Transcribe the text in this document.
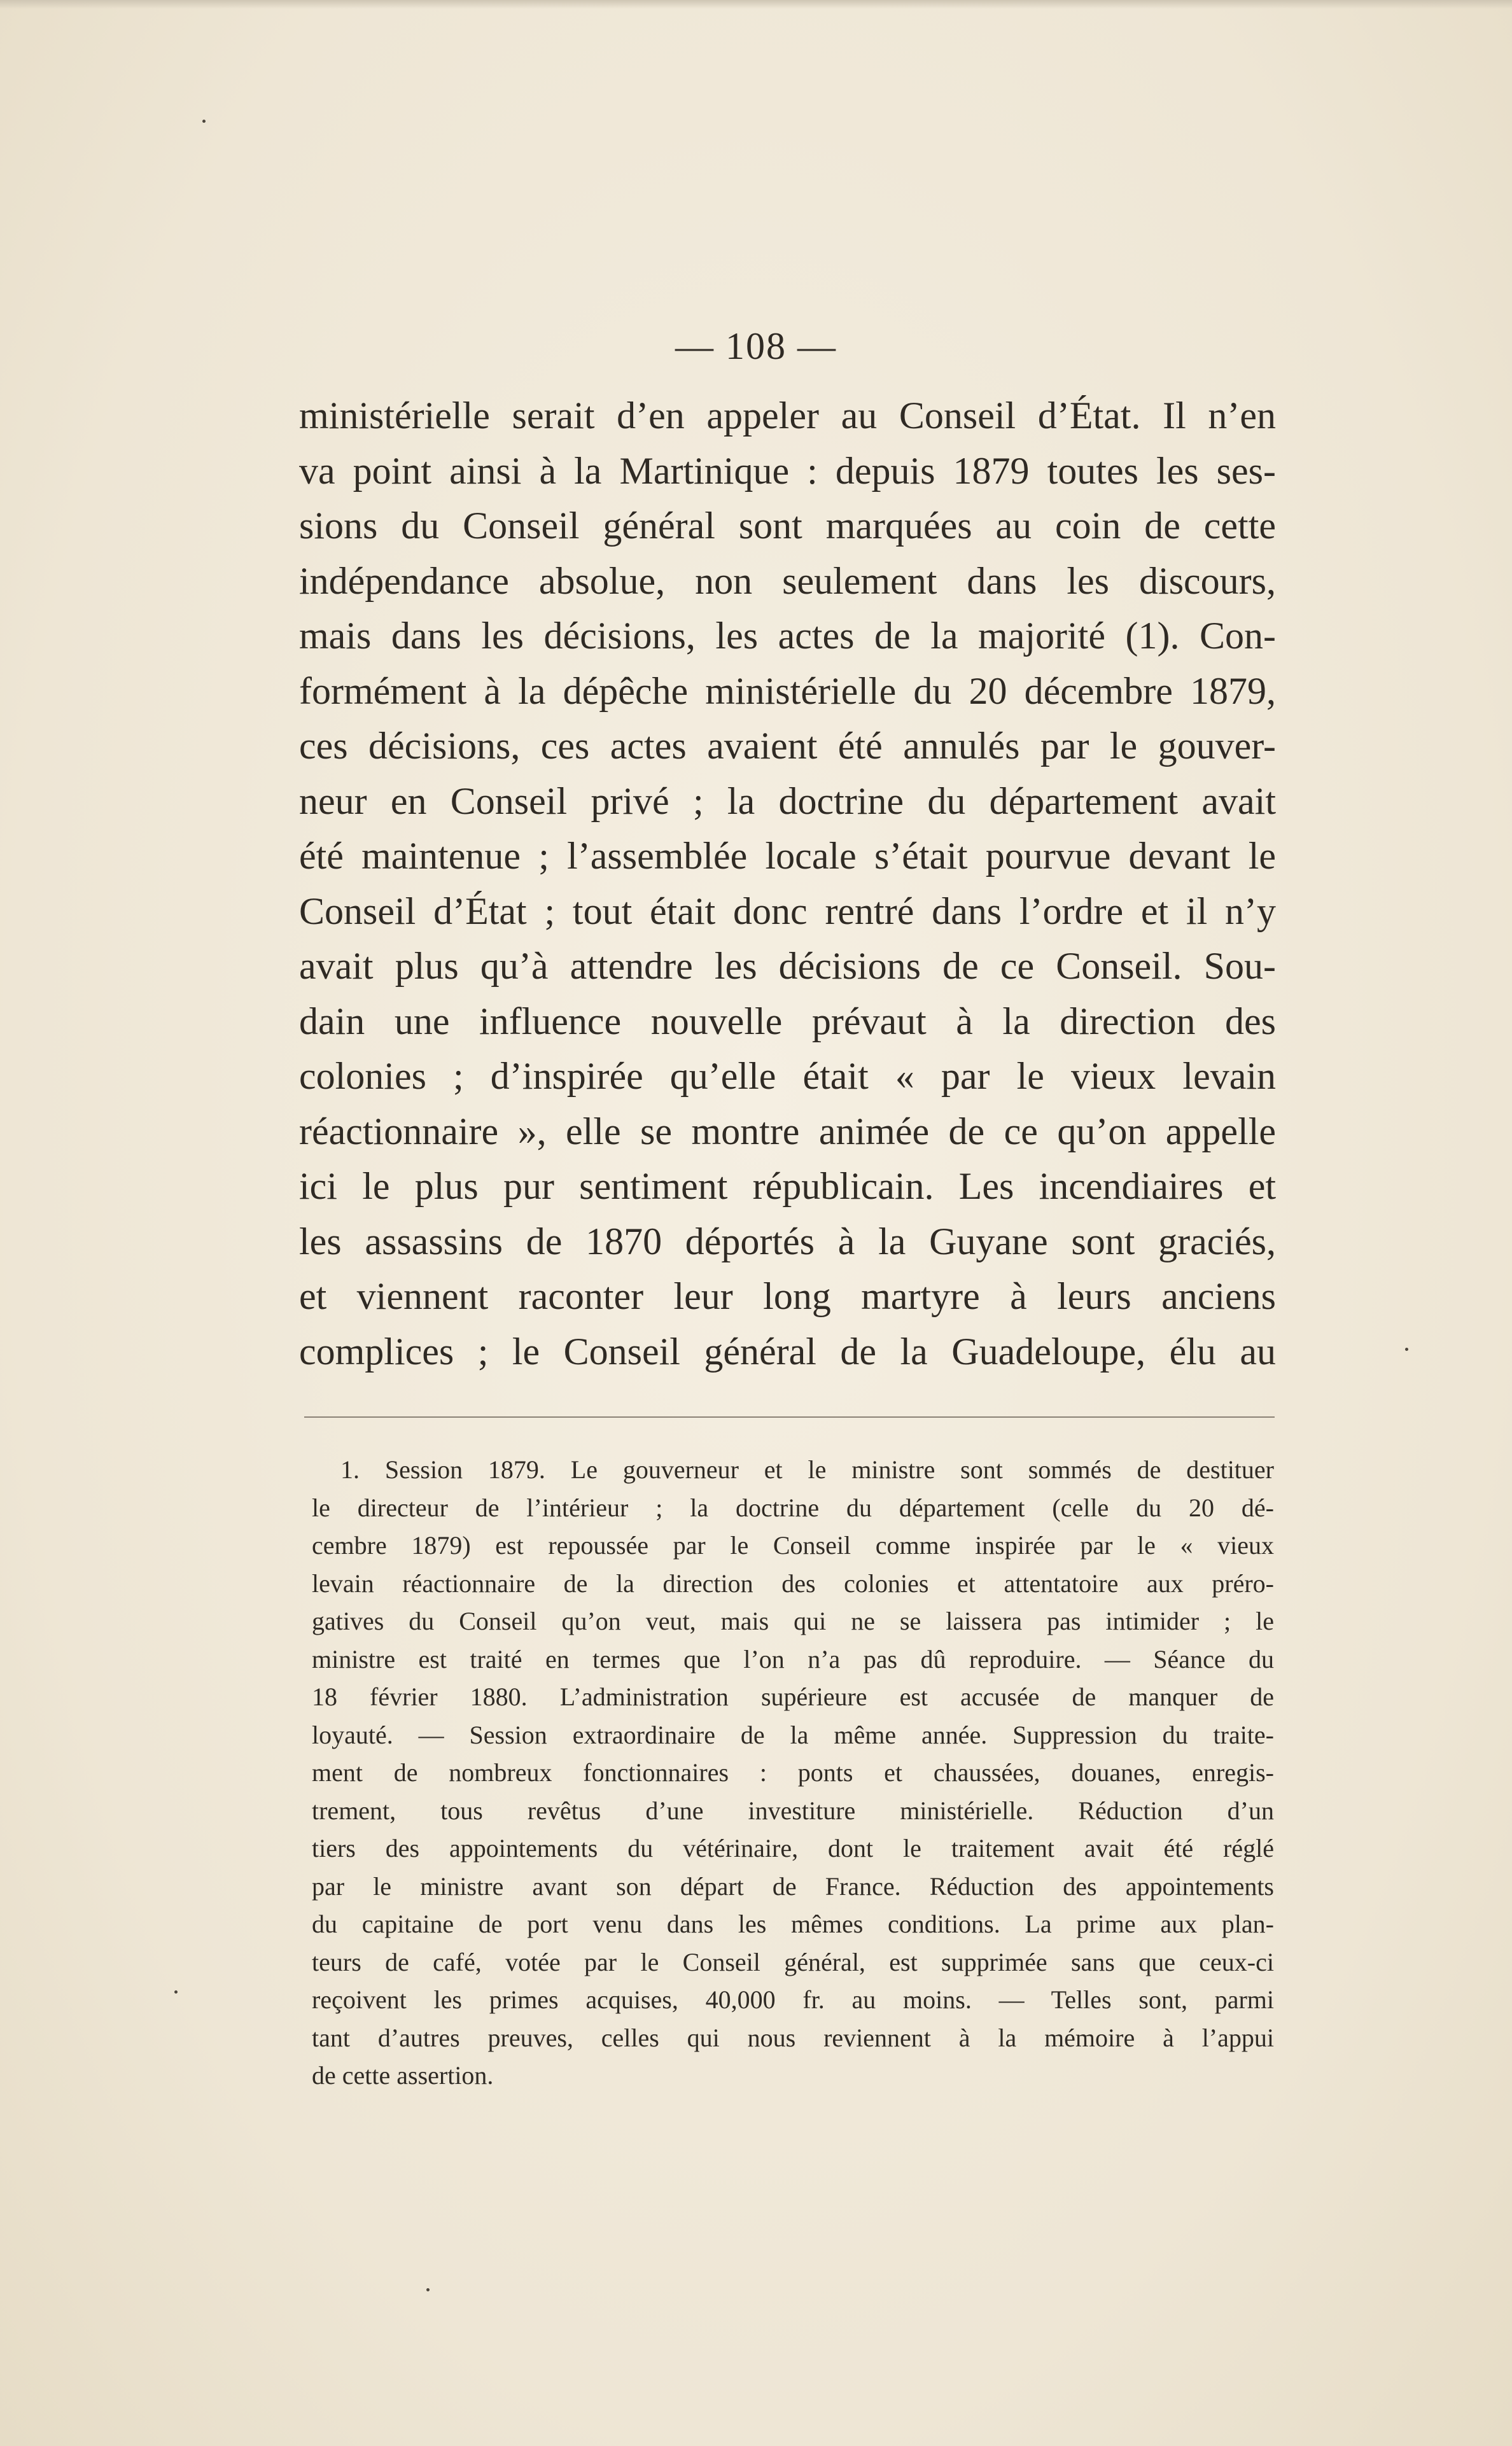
— 108 —
ministérielle serait d’en appeler au Conseil d’État. Il n’en
va point ainsi à la Martinique : depuis 1879 toutes les ses-
sions du Conseil général sont marquées au coin de cette
indépendance absolue, non seulement dans les discours,
mais dans les décisions, les actes de la majorité (1). Con-
formément à la dépêche ministérielle du 20 décembre 1879,
ces décisions, ces actes avaient été annulés par le gouver-
neur en Conseil privé ; la doctrine du département avait
été maintenue ; l’assemblée locale s’était pourvue devant le
Conseil d’État ; tout était donc rentré dans l’ordre et il n’y
avait plus qu’à attendre les décisions de ce Conseil. Sou-
dain une influence nouvelle prévaut à la direction des
colonies ; d’inspirée qu’elle était « par le vieux levain
réactionnaire », elle se montre animée de ce qu’on appelle
ici le plus pur sentiment républicain. Les incendiaires et
les assassins de 1870 déportés à la Guyane sont graciés,
et viennent raconter leur long martyre à leurs anciens
complices ; le Conseil général de la Guadeloupe, élu au
1. Session 1879. Le gouverneur et le ministre sont sommés de destituer
le directeur de l’intérieur ; la doctrine du département (celle du 20 dé-
cembre 1879) est repoussée par le Conseil comme inspirée par le « vieux
levain réactionnaire de la direction des colonies et attentatoire aux préro-
gatives du Conseil qu’on veut, mais qui ne se laissera pas intimider ; le
ministre est traité en termes que l’on n’a pas dû reproduire. — Séance du
18 février 1880. L’administration supérieure est accusée de manquer de
loyauté. — Session extraordinaire de la même année. Suppression du traite-
ment de nombreux fonctionnaires : ponts et chaussées, douanes, enregis-
trement, tous revêtus d’une investiture ministérielle. Réduction d’un
tiers des appointements du vétérinaire, dont le traitement avait été réglé
par le ministre avant son départ de France. Réduction des appointements
du capitaine de port venu dans les mêmes conditions. La prime aux plan-
teurs de café, votée par le Conseil général, est supprimée sans que ceux-ci
reçoivent les primes acquises, 40,000 fr. au moins. — Telles sont, parmi
tant d’autres preuves, celles qui nous reviennent à la mémoire à l’appui
de cette assertion.
